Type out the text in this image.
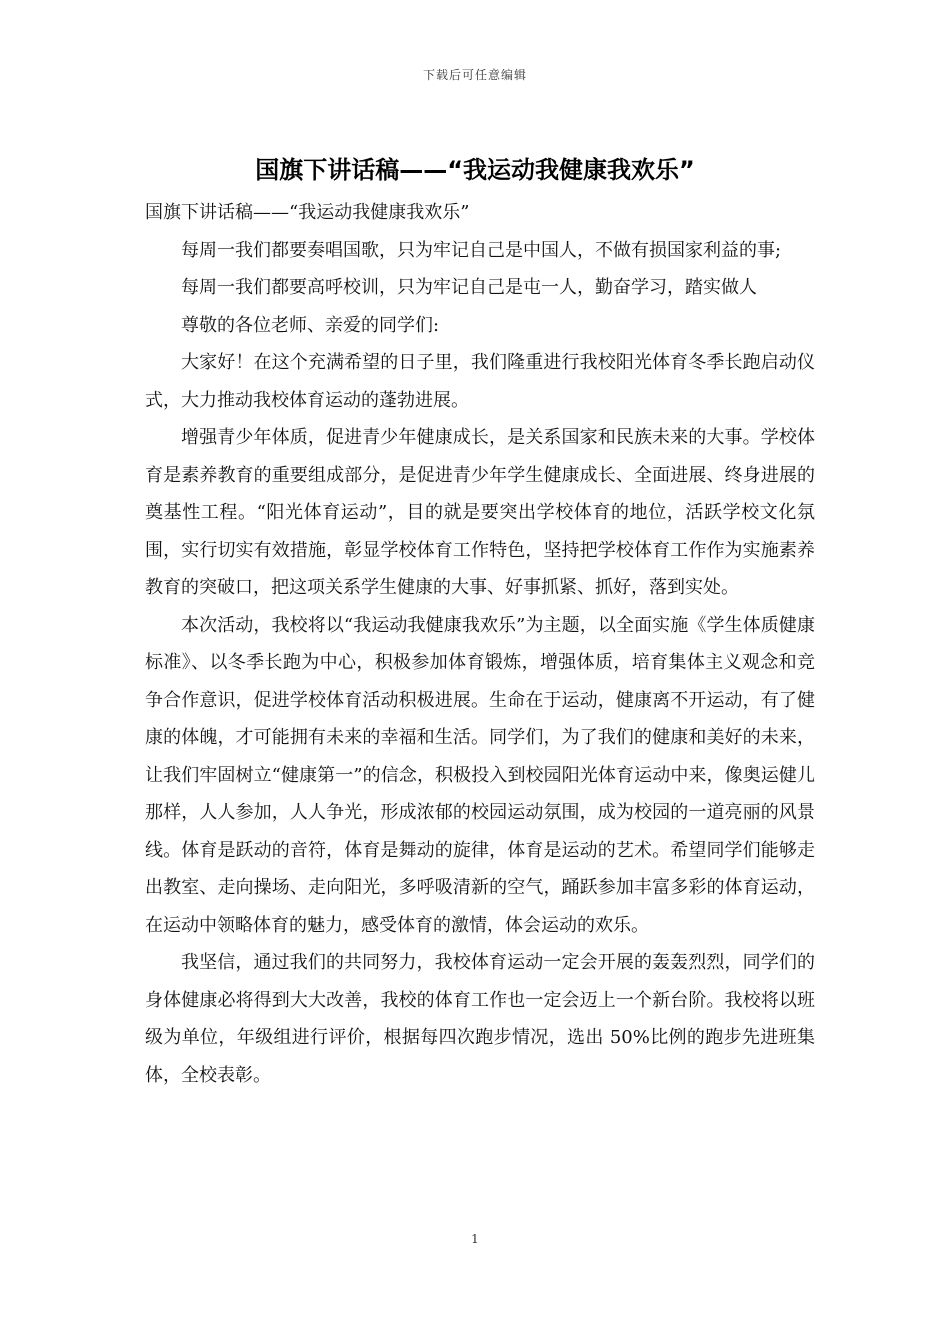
下载后可任意编辑
国旗下讲话稿——“我运动我健康我欢乐”

国旗下讲话稿——“我运动我健康我欢乐”

每周一我们都要奏唱国歌，只为牢记自己是中国人，不做有损国家利益的事;

每周一我们都要高呼校训，只为牢记自己是屯一人，勤奋学习，踏实做人

尊敬的各位老师、亲爱的同学们:

大家好！在这个充满希望的日子里，我们隆重进行我校阳光体育冬季长跑启动仪式，大力推动我校体育运动的蓬勃进展。

增强青少年体质，促进青少年健康成长，是关系国家和民族未来的大事。学校体育是素养教育的重要组成部分，是促进青少年学生健康成长、全面进展、终身进展的奠基性工程。“阳光体育运动”，目的就是要突出学校体育的地位，活跃学校文化氛围，实行切实有效措施，彰显学校体育工作特色，坚持把学校体育工作作为实施素养教育的突破口，把这项关系学生健康的大事、好事抓紧、抓好，落到实处。

本次活动，我校将以“我运动我健康我欢乐”为主题，以全面实施《学生体质健康标准》、以冬季长跑为中心，积极参加体育锻炼，增强体质，培育集体主义观念和竞争合作意识，促进学校体育活动积极进展。生命在于运动，健康离不开运动，有了健康的体魄，才可能拥有未来的幸福和生活。同学们，为了我们的健康和美好的未来，让我们牢固树立“健康第一”的信念，积极投入到校园阳光体育运动中来，像奥运健儿那样，人人参加，人人争光，形成浓郁的校园运动氛围，成为校园的一道亮丽的风景线。体育是跃动的音符，体育是舞动的旋律，体育是运动的艺术。希望同学们能够走出教室、走向操场、走向阳光，多呼吸清新的空气，踊跃参加丰富多彩的体育运动，在运动中领略体育的魅力，感受体育的激情，体会运动的欢乐。

我坚信，通过我们的共同努力，我校体育运动一定会开展的轰轰烈烈，同学们的身体健康必将得到大大改善，我校的体育工作也一定会迈上一个新台阶。我校将以班级为单位，年级组进行评价，根据每四次跑步情况，选出 50%比例的跑步先进班集体，全校表彰。

1
